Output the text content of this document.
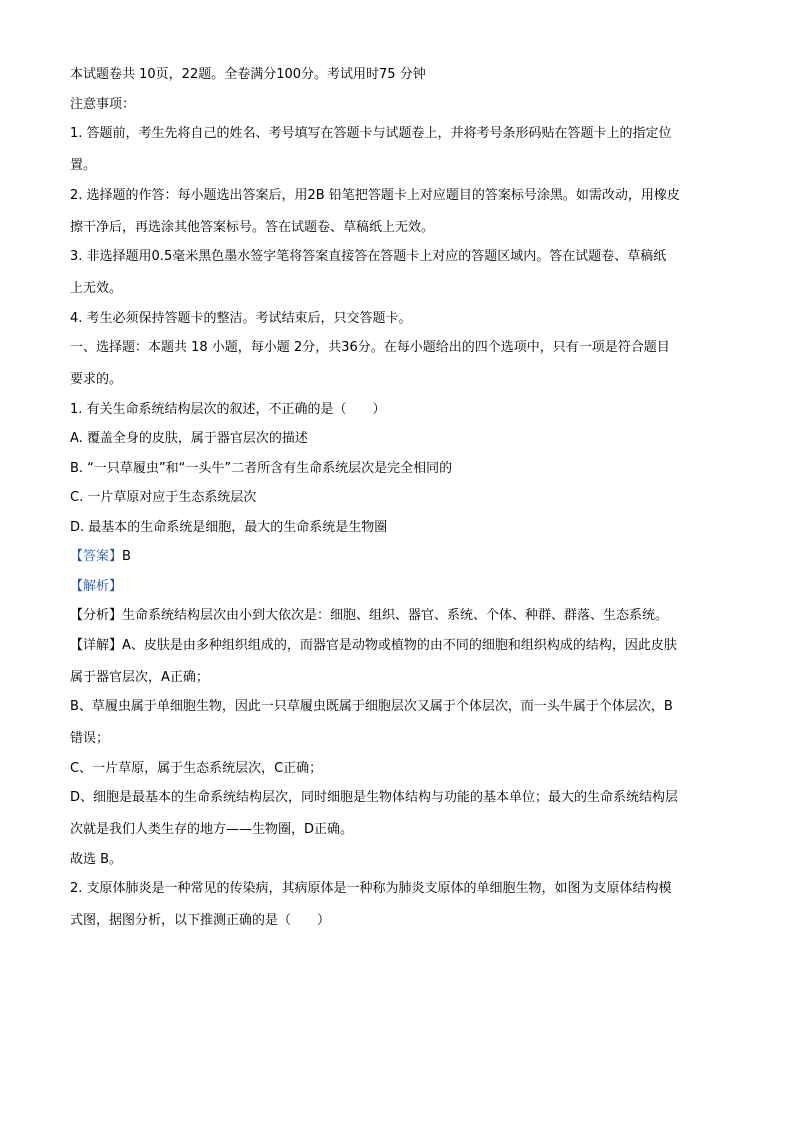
本试题卷共 10页，22题。全卷满分100分。考试用时75 分钟
注意事项：
1. 答题前，考生先将自己的姓名、考号填写在答题卡与试题卷上，并将考号条形码贴在答题卡上的指定位
置。
2. 选择题的作答：每小题选出答案后，用2B 铅笔把答题卡上对应题目的答案标号涂黑。如需改动，用橡皮
擦干净后，再选涂其他答案标号。答在试题卷、草稿纸上无效。
3. 非选择题用0.5毫米黑色墨水签字笔将答案直接答在答题卡上对应的答题区域内。答在试题卷、草稿纸
上无效。
4. 考生必须保持答题卡的整洁。考试结束后，只交答题卡。
一、选择题：本题共 18 小题，每小题 2分，共36分。在每小题给出的四个选项中，只有一项是符合题目
要求的。
1. 有关生命系统结构层次的叙述，不正确的是（　　）
A. 覆盖全身的皮肤，属于器官层次的描述
B. “一只草履虫”和“一头牛”二者所含有生命系统层次是完全相同的
C. 一片草原对应于生态系统层次
D. 最基本的生命系统是细胞，最大的生命系统是生物圈
【答案】B
【解析】
【分析】生命系统结构层次由小到大依次是：细胞、组织、器官、系统、个体、种群、群落、生态系统。
【详解】A、皮肤是由多种组织组成的，而器官是动物或植物的由不同的细胞和组织构成的结构，因此皮肤
属于器官层次，A正确；
B、草履虫属于单细胞生物，因此一只草履虫既属于细胞层次又属于个体层次，而一头牛属于个体层次，B
错误；
C、一片草原，属于生态系统层次，C正确；
D、细胞是最基本的生命系统结构层次，同时细胞是生物体结构与功能的基本单位；最大的生命系统结构层
次就是我们人类生存的地方——生物圈，D正确。
故选 B。
2. 支原体肺炎是一种常见的传染病，其病原体是一种称为肺炎支原体的单细胞生物，如图为支原体结构模
式图，据图分析，以下推测正确的是（　　）
